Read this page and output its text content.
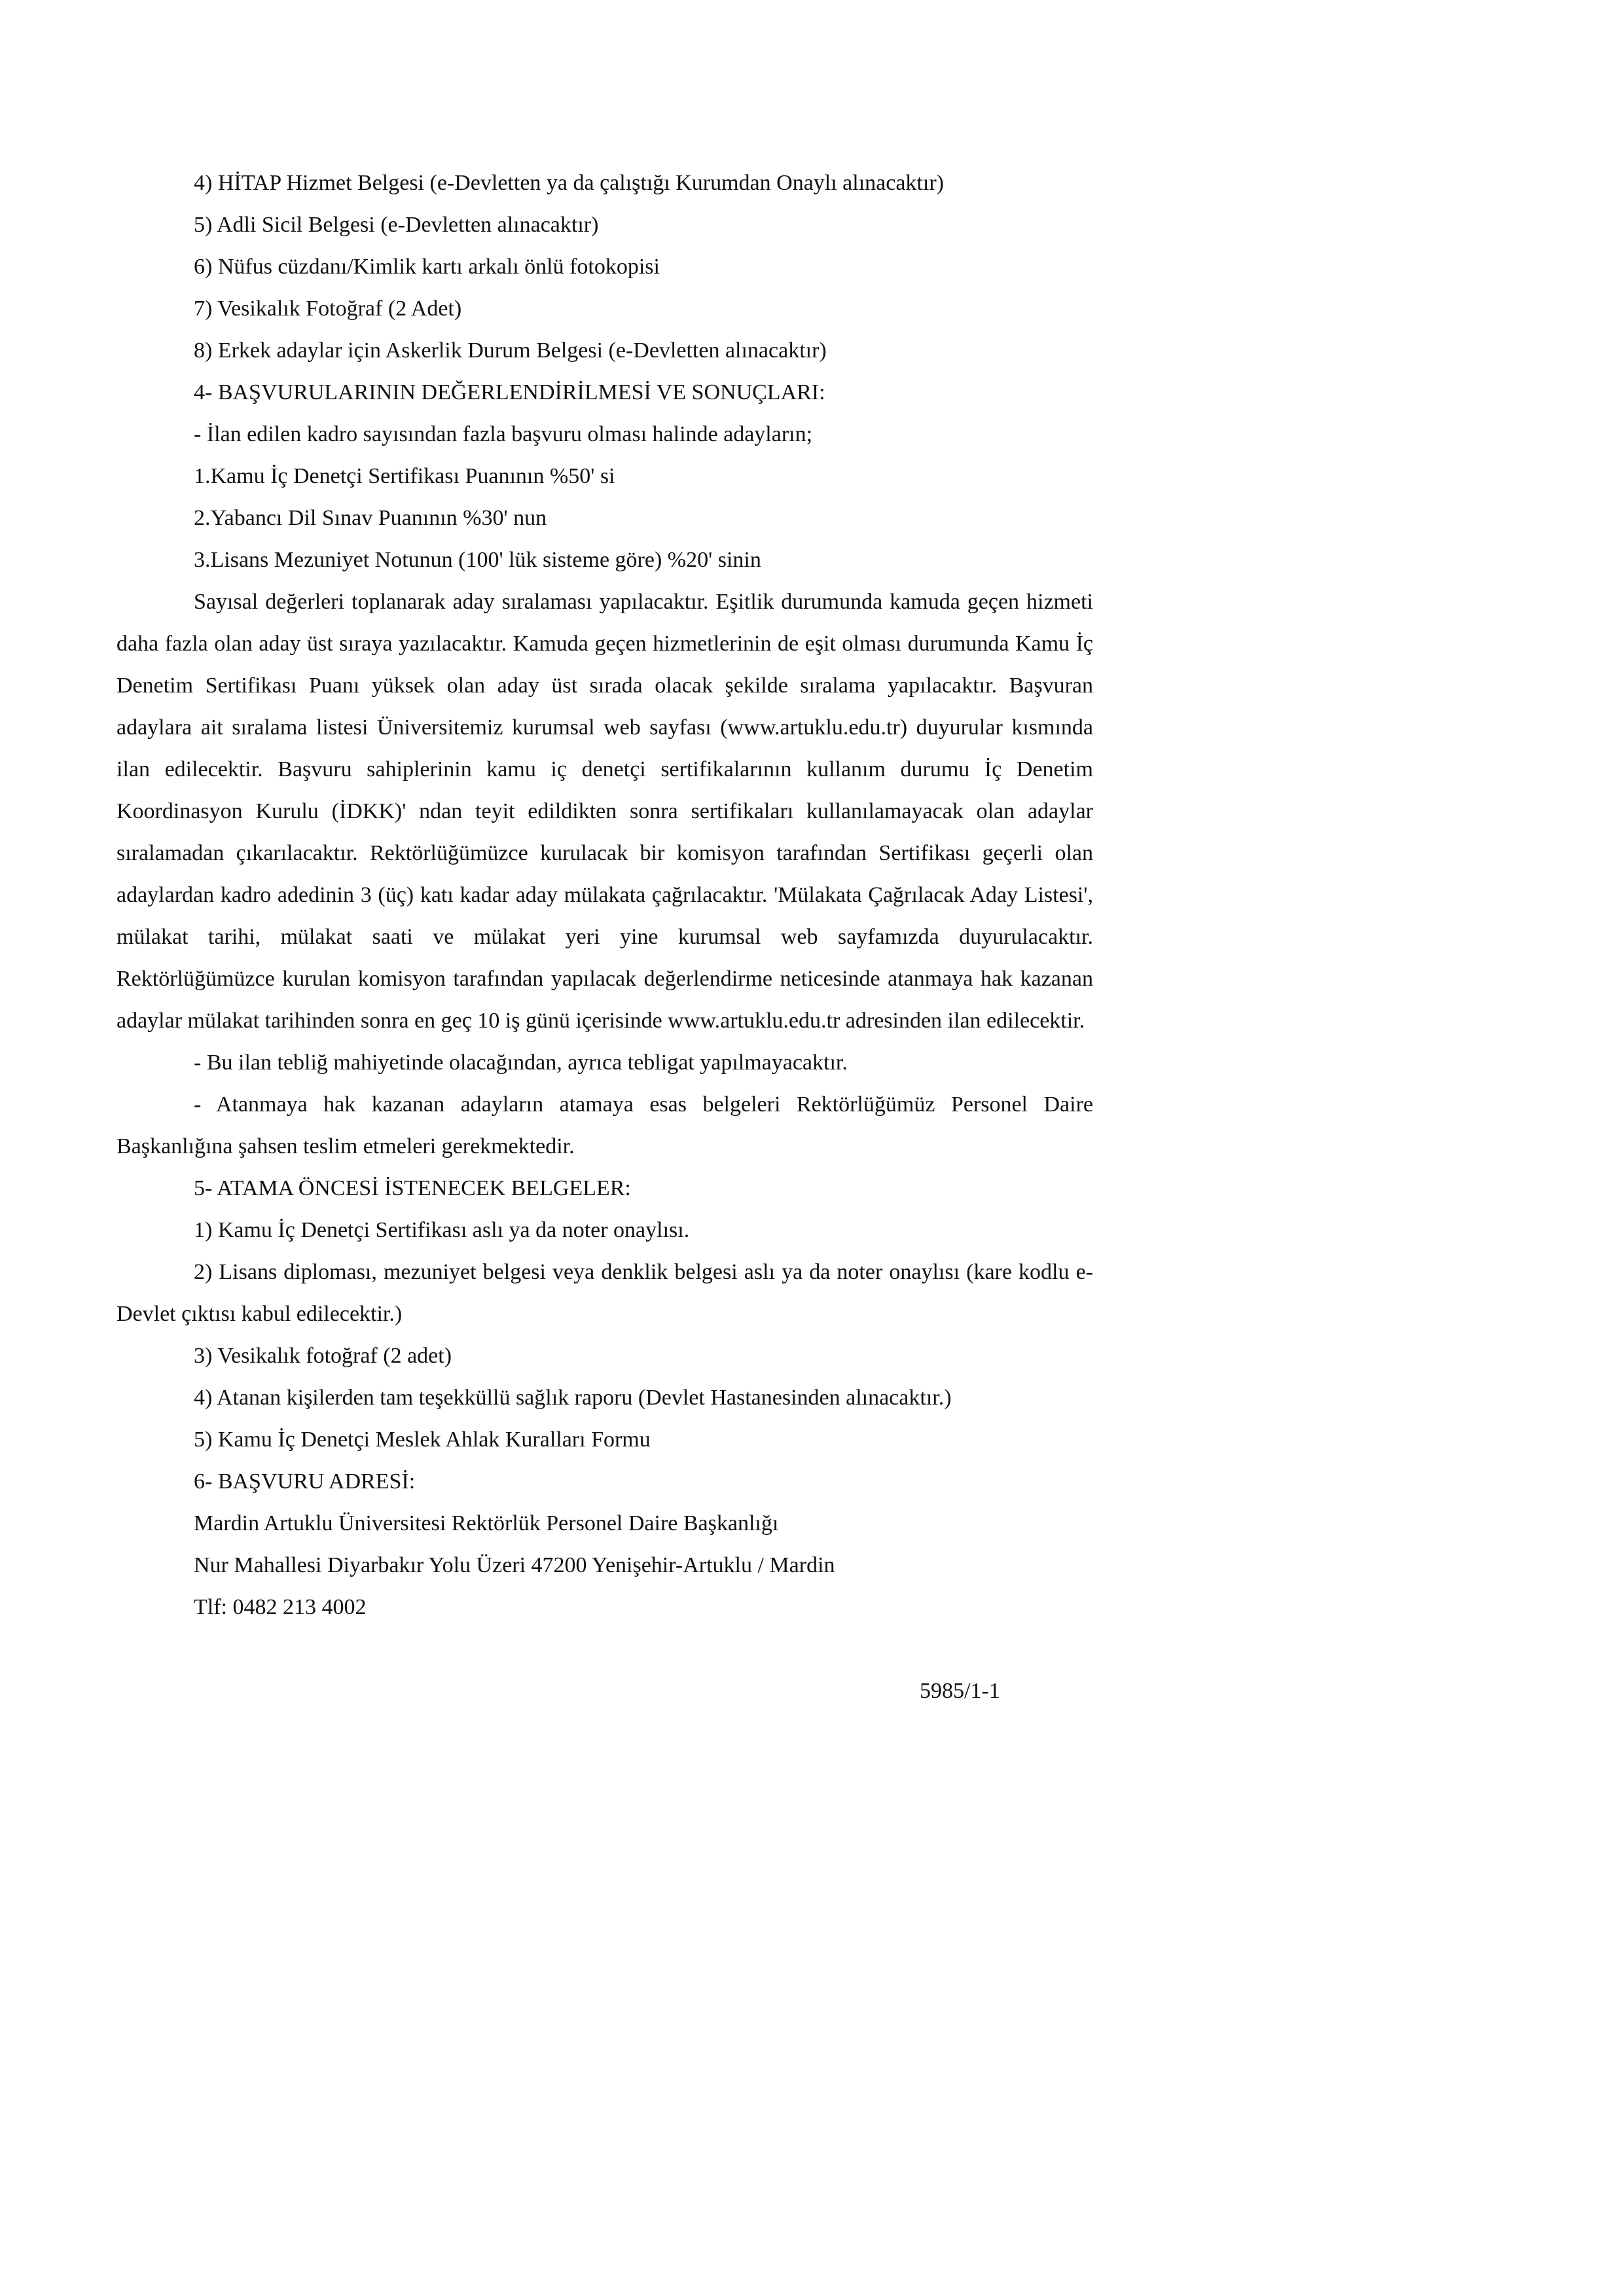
4) HİTAP Hizmet Belgesi (e-Devletten ya da çalıştığı Kurumdan Onaylı alınacaktır)
5) Adli Sicil Belgesi (e-Devletten alınacaktır)
6) Nüfus cüzdanı/Kimlik kartı arkalı önlü fotokopisi
7) Vesikalık Fotoğraf (2 Adet)
8) Erkek adaylar için Askerlik Durum Belgesi (e-Devletten alınacaktır)
4- BAŞVURULARININ DEĞERLENDİRİLMESİ VE SONUÇLARI:
- İlan edilen kadro sayısından fazla başvuru olması halinde adayların;
1.Kamu İç Denetçi Sertifikası Puanının %50' si
2.Yabancı Dil Sınav Puanının %30' nun
3.Lisans Mezuniyet Notunun (100' lük sisteme göre) %20' sinin

Sayısal değerleri toplanarak aday sıralaması yapılacaktır. Eşitlik durumunda kamuda geçen hizmeti daha fazla olan aday üst sıraya yazılacaktır. Kamuda geçen hizmetlerinin de eşit olması durumunda Kamu İç Denetim Sertifikası Puanı yüksek olan aday üst sırada olacak şekilde sıralama yapılacaktır. Başvuran adaylara ait sıralama listesi Üniversitemiz kurumsal web sayfası (www.artuklu.edu.tr) duyurular kısmında ilan edilecektir. Başvuru sahiplerinin kamu iç denetçi sertifikalarının kullanım durumu İç Denetim Koordinasyon Kurulu (İDKK)' ndan teyit edildikten sonra sertifikaları kullanılamayacak olan adaylar sıralamadan çıkarılacaktır. Rektörlüğümüzce kurulacak bir komisyon tarafından Sertifikası geçerli olan adaylardan kadro adedinin 3 (üç) katı kadar aday mülakata çağrılacaktır. 'Mülakata Çağrılacak Aday Listesi', mülakat tarihi, mülakat saati ve mülakat yeri yine kurumsal web sayfamızda duyurulacaktır. Rektörlüğümüzce kurulan komisyon tarafından yapılacak değerlendirme neticesinde atanmaya hak kazanan adaylar mülakat tarihinden sonra en geç 10 iş günü içerisinde www.artuklu.edu.tr adresinden ilan edilecektir.

- Bu ilan tebliğ mahiyetinde olacağından, ayrıca tebligat yapılmayacaktır.

- Atanmaya hak kazanan adayların atamaya esas belgeleri Rektörlüğümüz Personel Daire Başkanlığına şahsen teslim etmeleri gerekmektedir.

5- ATAMA ÖNCESİ İSTENECEK BELGELER:
1) Kamu İç Denetçi Sertifikası aslı ya da noter onaylısı.

2) Lisans diploması, mezuniyet belgesi veya denklik belgesi aslı ya da noter onaylısı (kare kodlu e-Devlet çıktısı kabul edilecektir.)

3) Vesikalık fotoğraf (2 adet)
4) Atanan kişilerden tam teşekküllü sağlık raporu (Devlet Hastanesinden alınacaktır.)
5) Kamu İç Denetçi Meslek Ahlak Kuralları Formu
6- BAŞVURU ADRESİ:
Mardin Artuklu Üniversitesi Rektörlük Personel Daire Başkanlığı
Nur Mahallesi Diyarbakır Yolu Üzeri 47200 Yenişehir-Artuklu / Mardin
Tlf: 0482 213 4002
5985/1-1
